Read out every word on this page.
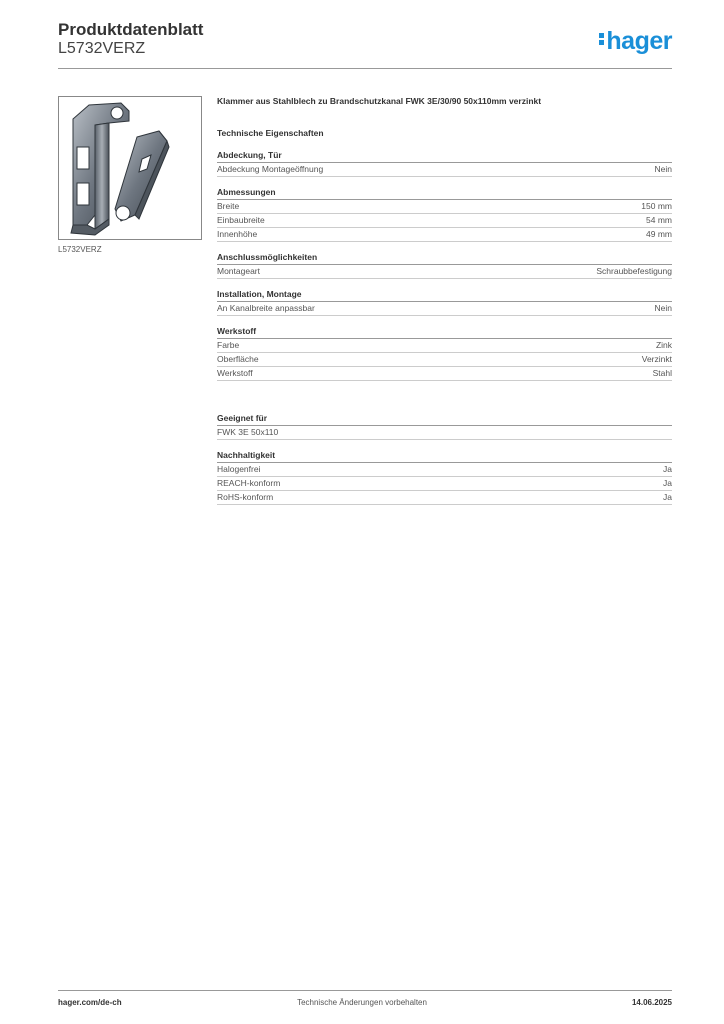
Produktdatenblatt
L5732VERZ	hager
L5732VERZ
Klammer aus Stahlblech zu Brandschutzkanal FWK 3E/30/90 50x110mm verzinkt
Technische Eigenschaften
Abdeckung, Tür
Abdeckung Montageöffnung	Nein
Abmessungen
Breite	150 mm
Einbaubreite	54 mm
Innenhöhe	49 mm
Anschlussmöglichkeiten
Montageart	Schraubbefestigung
Installation, Montage
An Kanalbreite anpassbar	Nein
Werkstoff
Farbe	Zink
Oberfläche	Verzinkt
Werkstoff	Stahl
Geeignet für
FWK 3E 50x110
Nachhaltigkeit
Halogenfrei	Ja
REACH-konform	Ja
RoHS-konform	Ja
hager.com/de-ch	Technische Änderungen vorbehalten	14.06.2025
